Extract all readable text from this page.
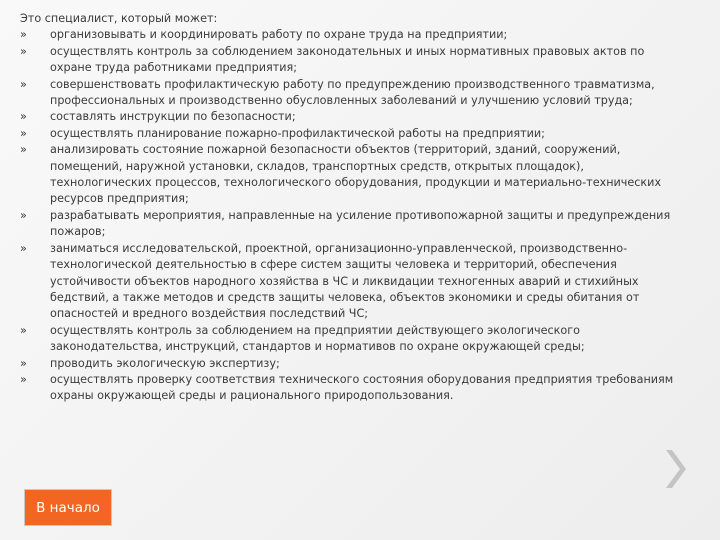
Это специалист, который может:

»	организовывать и координировать работу по охране труда на предприятии;
»	осуществлять контроль за соблюдением законодательных и иных нормативных правовых актов по охране труда работниками предприятия;
»	совершенствовать профилактическую работу по предупреждению производственного травматизма, профессиональных и производственно обусловленных заболеваний и улучшению условий труда;
»	составлять инструкции по безопасности;
»	осуществлять планирование пожарно-профилактической работы на предприятии;
»	анализировать состояние пожарной безопасности объектов (территорий, зданий, сооружений, помещений, наружной установки, складов, транспортных средств, открытых площадок), технологических процессов, технологического оборудования, продукции и материально-технических ресурсов предприятия;
»	разрабатывать мероприятия, направленные на усиление противопожарной защиты и предупреждения пожаров;
»	заниматься исследовательской, проектной, организационно-управленческой, производственно-технологической деятельностью в сфере систем защиты человека и территорий, обеспечения устойчивости объектов народного хозяйства в ЧС и ликвидации техногенных аварий и стихийных бедствий, а также методов и средств защиты человека, объектов экономики и среды обитания от опасностей и вредного воздействия последствий ЧС;
»	осуществлять контроль за соблюдением на предприятии действующего экологического законодательства, инструкций, стандартов и нормативов по охране окружающей среды;
»	проводить экологическую экспертизу;
»	осуществлять проверку соответствия технического состояния оборудования предприятия требованиям охраны окружающей среды и рационального природопользования.
В начало
